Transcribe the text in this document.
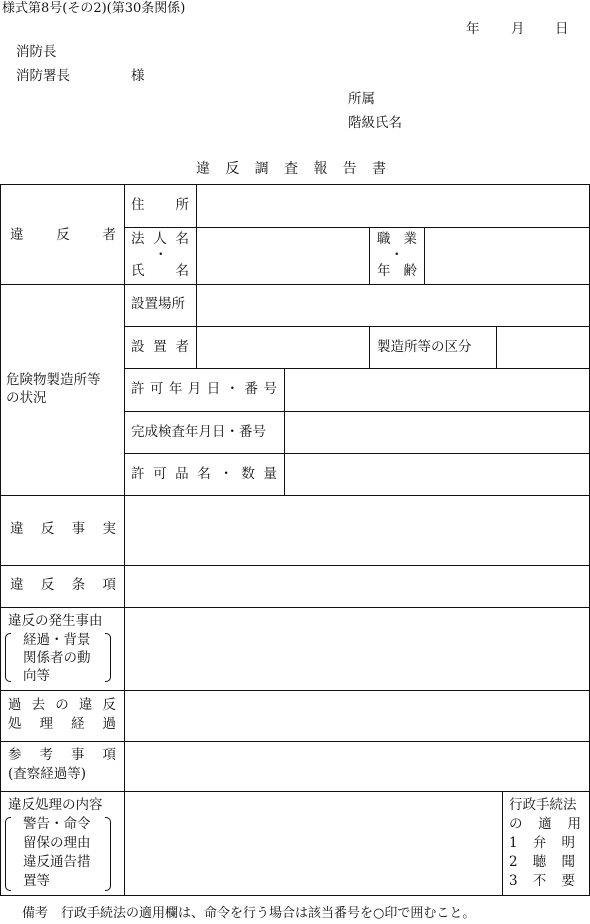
様式第8号(その2)(第30条関係)
年 月 日
消防長
消防署長	様
所属
階級氏名
違 反 調 査 報 告 書
違 反 者
住 所
法 人 名
・
氏 名
職 業
・
年 齢
危険物製造所等
の状況
設置場所
設 置 者	製造所等の区分
許 可 年 月 日 ・ 番 号
完成検査年月日・番号
許 可 品 名 ・ 数 量
違 反 事 実
違 反 条 項
違反の発生事由
経過・背景
関係者の動
向等
過 去 の 違 反
処 理 経 過
参 考 事 項
(査察経過等)
違反処理の内容
警告・命令
留保の理由
違反通告措
置等
行政手続法
の 適 用
1 弁 明
2 聴 聞
3 不 要
備考　行政手続法の適用欄は、命令を行う場合は該当番号を○印で囲むこと。
